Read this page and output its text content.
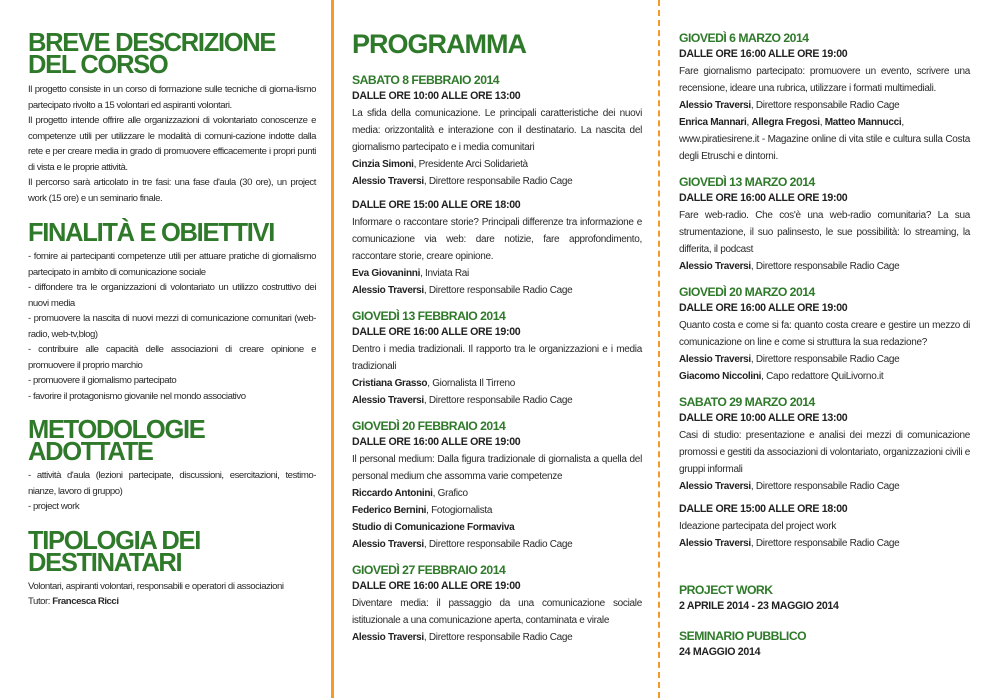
BREVE DESCRIZIONE
DEL CORSO

Il progetto consiste in un corso di formazione sulle tecniche di giorna-lismo partecipato rivolto a 15 volontari ed aspiranti volontari.

Il progetto intende offrire alle organizzazioni di volontariato conoscenze e competenze utili per utilizzare le modalità di comuni-cazione indotte dalla rete e per creare media in grado di promuovere efficacemente i propri punti di vista e le proprie attività.

Il percorso sarà articolato in tre fasi: una fase d'aula (30 ore), un project work (15 ore) e un seminario finale.

FINALITÀ E OBIETTIVI

- fornire ai partecipanti competenze utili per attuare pratiche di giornalismo partecipato in ambito di comunicazione sociale

- diffondere tra le organizzazioni di volontariato un utilizzo costruttivo dei nuovi media

- promuovere la nascita di nuovi mezzi di comunicazione comunitari (web-radio, web-tv,blog)

- contribuire alle capacità delle associazioni di creare opinione e promuovere il proprio marchio

- promuovere il giornalismo partecipato

- favorire il protagonismo giovanile nel mondo associativo

METODOLOGIE
ADOTTATE

- attività d'aula (lezioni partecipate, discussioni, esercitazioni, testimo-nianze, lavoro di gruppo)

- project work

TIPOLOGIA DEI
DESTINATARI

Volontari, aspiranti volontari, responsabili e operatori di associazioni

Tutor: Francesca Ricci

PROGRAMMA

SABATO 8 FEBBRAIO 2014

DALLE ORE 10:00 ALLE ORE 13:00

La sfida della comunicazione. Le principali caratteristiche dei nuovi media: orizzontalità e interazione con il destinatario. La nascita del giornalismo partecipato e i media comunitari

Cinzia Simoni, Presidente Arci Solidarietà

Alessio Traversi, Direttore responsabile Radio Cage

DALLE ORE 15:00 ALLE ORE 18:00

Informare o raccontare storie? Principali differenze tra informazione e comunicazione via web: dare notizie, fare approfondimento, raccontare storie, creare opinione.

Eva Giovaninni, Inviata Rai

Alessio Traversi, Direttore responsabile Radio Cage

GIOVEDÌ 13 FEBBRAIO 2014

DALLE ORE 16:00 ALLE ORE 19:00

Dentro i media tradizionali. Il rapporto tra le organizzazioni e i media tradizionali

Cristiana Grasso, Giornalista Il Tirreno

Alessio Traversi, Direttore responsabile Radio Cage

GIOVEDÌ 20 FEBBRAIO 2014

DALLE ORE 16:00 ALLE ORE 19:00

Il personal medium: Dalla figura tradizionale di giornalista a quella del personal medium che assomma varie competenze

Riccardo Antonini, Grafico

Federico Bernini, Fotogiornalista

Studio di Comunicazione Formaviva

Alessio Traversi, Direttore responsabile Radio Cage

GIOVEDÌ 27 FEBBRAIO 2014

DALLE ORE 16:00 ALLE ORE 19:00

Diventare media: il passaggio da una comunicazione sociale istituzionale a una comunicazione aperta, contaminata e virale

Alessio Traversi, Direttore responsabile Radio Cage

GIOVEDÌ 6 MARZO 2014

DALLE ORE 16:00 ALLE ORE 19:00

Fare giornalismo partecipato: promuovere un evento, scrivere una recensione, ideare una rubrica, utilizzare i formati multimediali.

Alessio Traversi, Direttore responsabile Radio Cage

Enrica Mannari, Allegra Fregosi, Matteo Mannucci,

www.piratiesirene.it - Magazine online di vita stile e cultura sulla Costa degli Etruschi e dintorni.

GIOVEDÌ 13 MARZO 2014

DALLE ORE 16:00 ALLE ORE 19:00

Fare web-radio. Che cos'è una web-radio comunitaria? La sua strumentazione, il suo palinsesto, le sue possibilità: lo streaming, la differita, il podcast

Alessio Traversi, Direttore responsabile Radio Cage

GIOVEDÌ 20 MARZO 2014

DALLE ORE 16:00 ALLE ORE 19:00

Quanto costa e come si fa: quanto costa creare e gestire un mezzo di comunicazione on line e come si struttura la sua redazione?

Alessio Traversi, Direttore responsabile Radio Cage

Giacomo Niccolini, Capo redattore QuiLivorno.it

SABATO 29 MARZO 2014

DALLE ORE 10:00 ALLE ORE 13:00

Casi di studio: presentazione e analisi dei mezzi di comunicazione promossi e gestiti da associazioni di volontariato, organizzazioni civili e gruppi informali

Alessio Traversi, Direttore responsabile Radio Cage

DALLE ORE 15:00 ALLE ORE 18:00

Ideazione partecipata del project work

Alessio Traversi, Direttore responsabile Radio Cage

PROJECT WORK

2 APRILE 2014 - 23 MAGGIO 2014

SEMINARIO PUBBLICO

24 MAGGIO 2014
